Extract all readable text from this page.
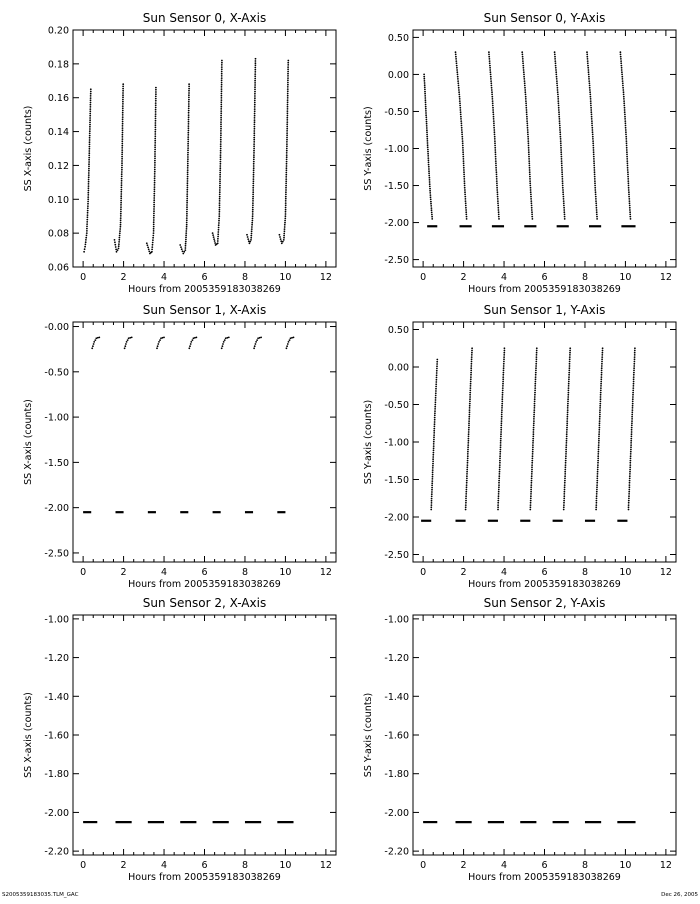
Sun Sensor 0, X-Axis
0	2	4	6	8	10	12
0.06
0.08
0.10
0.12
0.14
0.16
0.18
0.20
Hours from 2005359183038269
SS X-axis (counts)
Sun Sensor 0, Y-Axis
0	2	4	6	8	10	12
-2.50
-2.00
-1.50
-1.00
-0.50
0.00
0.50
Hours from 2005359183038269
SS Y-axis (counts)
Sun Sensor 1, X-Axis
0	2	4	6	8	10	12
-2.50
-2.00
-1.50
-1.00
-0.50
-0.00
Hours from 2005359183038269
SS X-axis (counts)
Sun Sensor 1, Y-Axis
0	2	4	6	8	10	12
-2.50
-2.00
-1.50
-1.00
-0.50
0.00
0.50
Hours from 2005359183038269
SS Y-axis (counts)
Sun Sensor 2, X-Axis
0	2	4	6	8	10	12
-2.20
-2.00
-1.80
-1.60
-1.40
-1.20
-1.00
Hours from 2005359183038269
SS X-axis (counts)
Sun Sensor 2, Y-Axis
0	2	4	6	8	10	12
-2.20
-2.00
-1.80
-1.60
-1.40
-1.20
-1.00
Hours from 2005359183038269
SS Y-axis (counts)
S2005359183035.TLM_GAC	Dec 26, 2005
